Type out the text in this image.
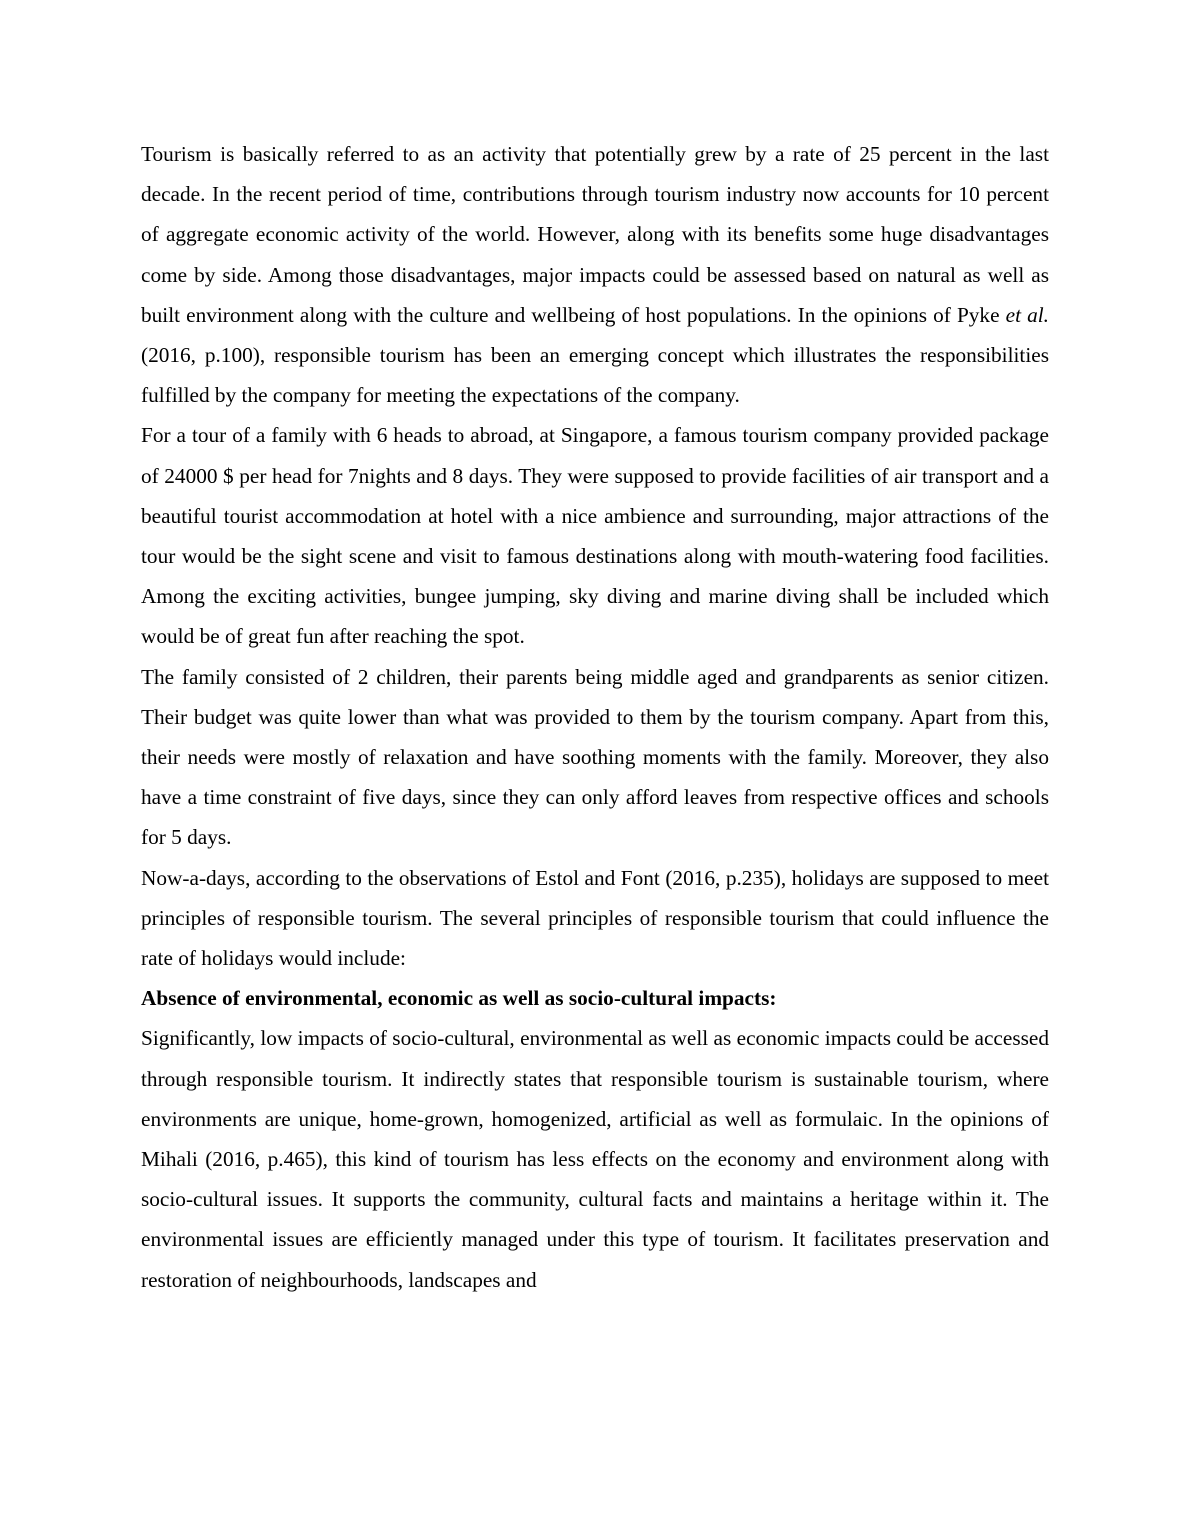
Tourism is basically referred to as an activity that potentially grew by a rate of 25 percent in the last decade. In the recent period of time, contributions through tourism industry now accounts for 10 percent of aggregate economic activity of the world. However, along with its benefits some huge disadvantages come by side. Among those disadvantages, major impacts could be assessed based on natural as well as built environment along with the culture and wellbeing of host populations. In the opinions of Pyke et al. (2016, p.100), responsible tourism has been an emerging concept which illustrates the responsibilities fulfilled by the company for meeting the expectations of the company.

For a tour of a family with 6 heads to abroad, at Singapore, a famous tourism company provided package of 24000 $ per head for 7nights and 8 days. They were supposed to provide facilities of air transport and a beautiful tourist accommodation at hotel with a nice ambience and surrounding, major attractions of the tour would be the sight scene and visit to famous destinations along with mouth-watering food facilities. Among the exciting activities, bungee jumping, sky diving and marine diving shall be included which would be of great fun after reaching the spot.

The family consisted of 2 children, their parents being middle aged and grandparents as senior citizen. Their budget was quite lower than what was provided to them by the tourism company. Apart from this, their needs were mostly of relaxation and have soothing moments with the family. Moreover, they also have a time constraint of five days, since they can only afford leaves from respective offices and schools for 5 days.

Now-a-days, according to the observations of Estol and Font (2016, p.235), holidays are supposed to meet principles of responsible tourism. The several principles of responsible tourism that could influence the rate of holidays would include:

Absence of environmental, economic as well as socio-cultural impacts:

Significantly, low impacts of socio-cultural, environmental as well as economic impacts could be accessed through responsible tourism. It indirectly states that responsible tourism is sustainable tourism, where environments are unique, home-grown, homogenized, artificial as well as formulaic. In the opinions of Mihali (2016, p.465), this kind of tourism has less effects on the economy and environment along with socio-cultural issues. It supports the community, cultural facts and maintains a heritage within it. The environmental issues are efficiently managed under this type of tourism. It facilitates preservation and restoration of neighbourhoods, landscapes and
